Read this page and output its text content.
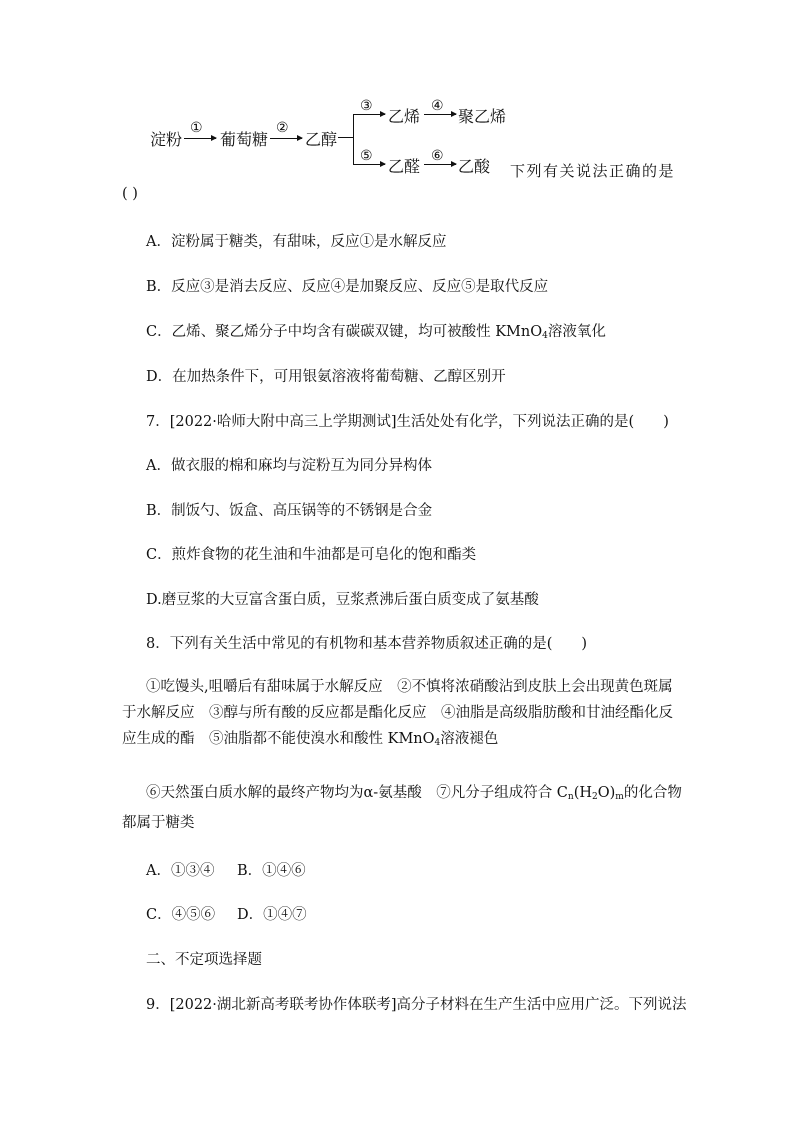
淀粉
①
葡萄糖
②
乙醇
③
乙烯
④
聚乙烯
⑤
乙醛
⑥
乙酸 下列有关说法正确的是
( )
A．淀粉属于糖类，有甜味，反应①是水解反应
B．反应③是消去反应、反应④是加聚反应、反应⑤是取代反应
C．乙烯、聚乙烯分子中均含有碳碳双键，均可被酸性 KMnO$_4$溶液氧化
D．在加热条件下，可用银氨溶液将葡萄糖、乙醇区别开
7．[2022·哈师大附中高三上学期测试]生活处处有化学，下列说法正确的是(　　)
A．做衣服的棉和麻均与淀粉互为同分异构体
B．制饭勺、饭盒、高压锅等的不锈钢是合金
C．煎炸食物的花生油和牛油都是可皂化的饱和酯类
D.磨豆浆的大豆富含蛋白质，豆浆煮沸后蛋白质变成了氨基酸
8．下列有关生活中常见的有机物和基本营养物质叙述正确的是(　　)
①吃馒头,咀嚼后有甜味属于水解反应　②不慎将浓硝酸沾到皮肤上会出现黄色斑属于水解反应　③醇与所有酸的反应都是酯化反应　④油脂是高级脂肪酸和甘油经酯化反应生成的酯　⑤油脂都不能使溴水和酸性 KMnO$_4$溶液褪色
⑥天然蛋白质水解的最终产物均为α-氨基酸　⑦凡分子组成符合 $C_n(H_2O)_m$的化合物都属于糖类
A．①③④ B．①④⑥
C．④⑤⑥ D．①④⑦
二、不定项选择题
9．[2022·湖北新高考联考协作体联考]高分子材料在生产生活中应用广泛。下列说法
